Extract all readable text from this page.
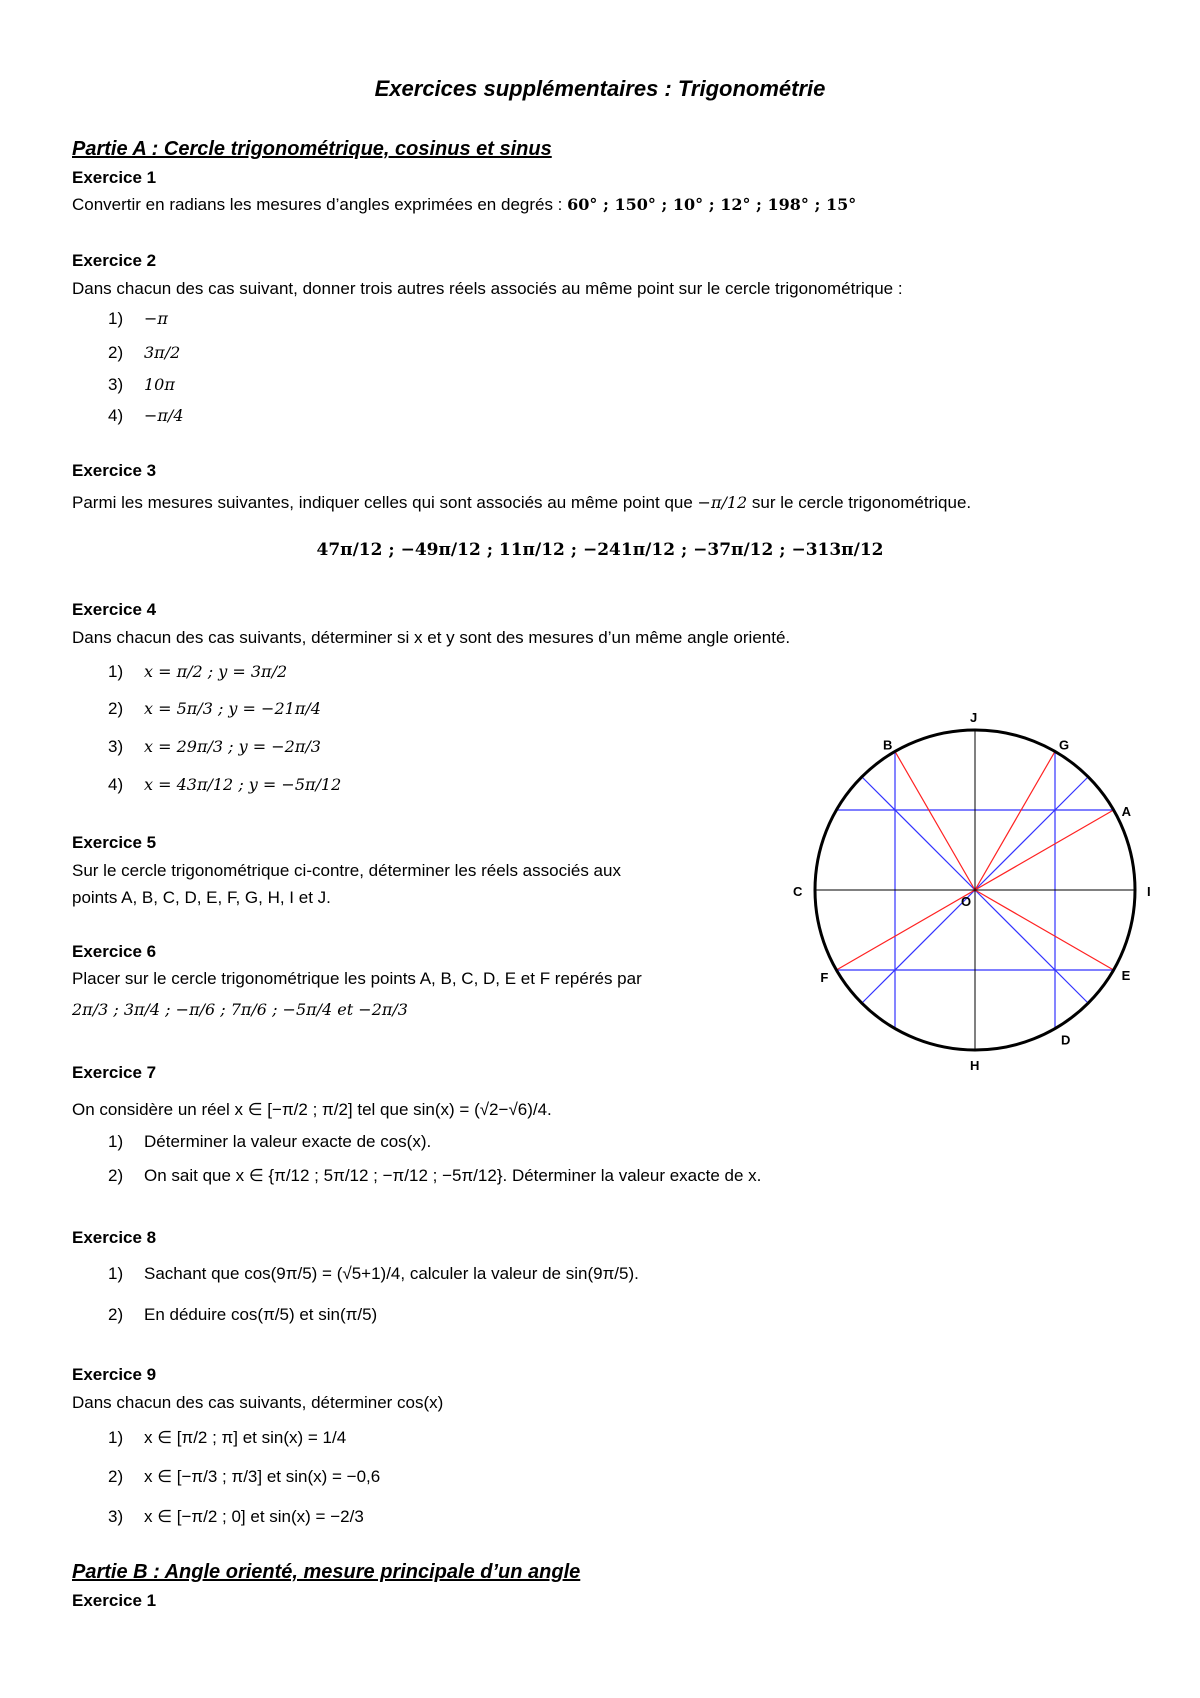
Exercices supplémentaires : Trigonométrie
Partie A : Cercle trigonométrique, cosinus et sinus
Exercice 1
Convertir en radians les mesures d’angles exprimées en degrés : 60° ; 150° ; 10° ; 12° ; 198° ; 15°
Exercice 2
Dans chacun des cas suivant, donner trois autres réels associés au même point sur le cercle trigonométrique :
1) −π
2) 3π/2
3) 10π
4) −π/4
Exercice 3
Parmi les mesures suivantes, indiquer celles qui sont associés au même point que −π/12 sur le cercle trigonométrique.
47π/12 ; −49π/12 ; 11π/12 ; −241π/12 ; −37π/12 ; −313π/12
Exercice 4
Dans chacun des cas suivants, déterminer si x et y sont des mesures d’un même angle orienté.
1) x = π/2 ; y = 3π/2
2) x = 5π/3 ; y = −21π/4
3) x = 29π/3 ; y = −2π/3
4) x = 43π/12 ; y = −5π/12
Exercice 5
Sur le cercle trigonométrique ci-contre, déterminer les réels associés aux
points A, B, C, D, E, F, G, H, I et J.
Exercice 6
Placer sur le cercle trigonométrique les points A, B, C, D, E et F repérés par
2π/3 ; 3π/4 ; −π/6 ; 7π/6 ; −5π/4 et −2π/3
Exercice 7
On considère un réel x ∈ [−π/2 ; π/2] tel que sin(x) = (√2−√6)/4.
1) Déterminer la valeur exacte de cos(x).
2) On sait que x ∈ {π/12 ; 5π/12 ; −π/12 ; −5π/12}. Déterminer la valeur exacte de x.
Exercice 8
1) Sachant que cos(9π/5) = (√5+1)/4, calculer la valeur de sin(9π/5).
2) En déduire cos(π/5) et sin(π/5)
Exercice 9
Dans chacun des cas suivants, déterminer cos(x)
1) x ∈ [π/2 ; π] et sin(x) = 1/4
2) x ∈ [−π/3 ; π/3] et sin(x) = −0,6
3) x ∈ [−π/2 ; 0] et sin(x) = −2/3
Partie B : Angle orienté, mesure principale d’un angle
Exercice 1
A
B
C
D
E
F
G
H
I
J
O
